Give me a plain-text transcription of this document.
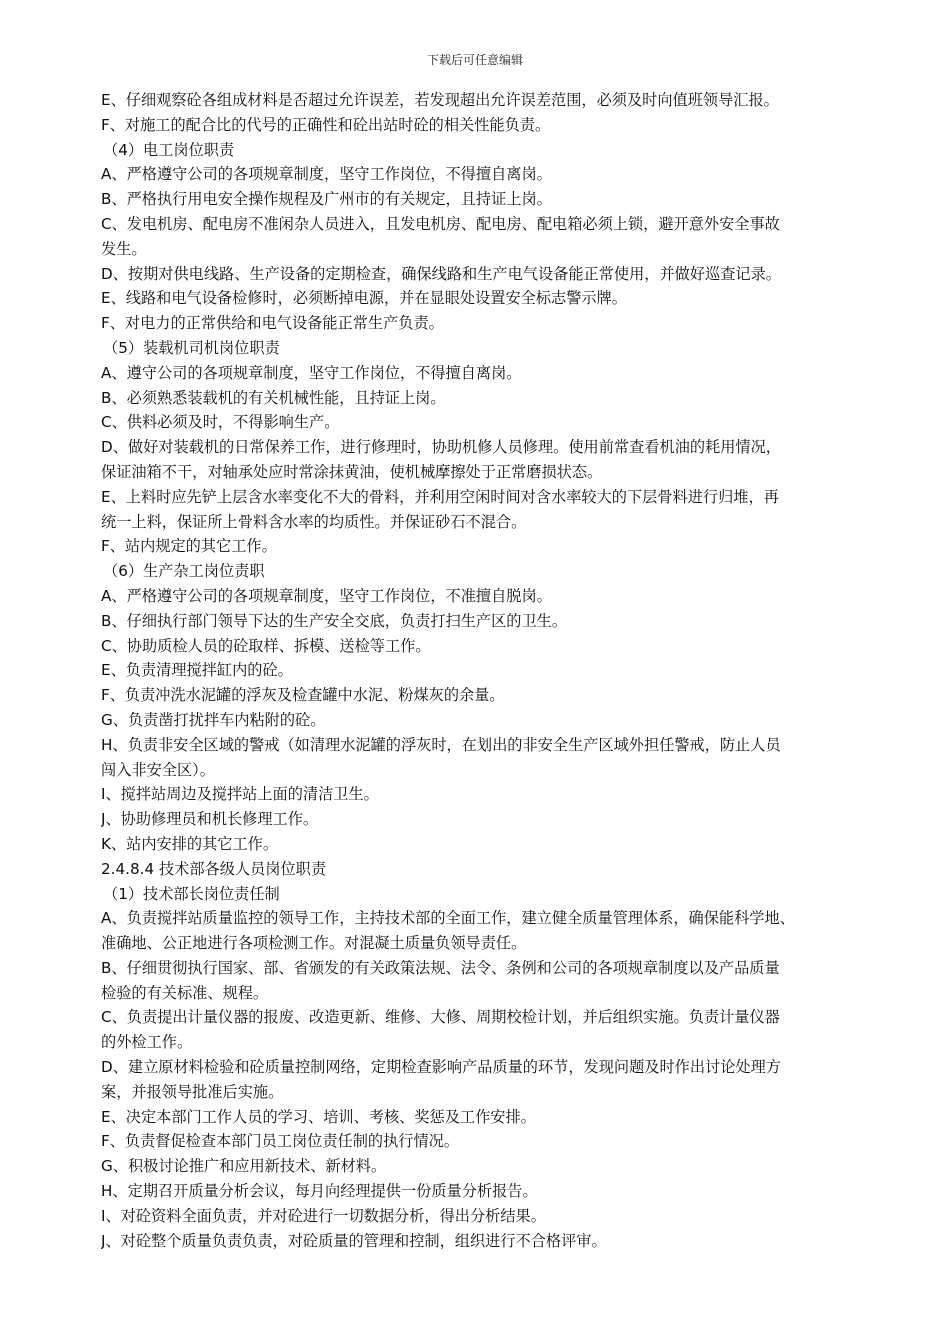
下载后可任意编辑
E、仔细观察砼各组成材料是否超过允许误差，若发现超出允许误差范围，必须及时向值班领导汇报。
F、对施工的配合比的代号的正确性和砼出站时砼的相关性能负责。
（4）电工岗位职责
A、严格遵守公司的各项规章制度，坚守工作岗位，不得擅自离岗。
B、严格执行用电安全操作规程及广州市的有关规定，且持证上岗。
C、发电机房、配电房不准闲杂人员进入，且发电机房、配电房、配电箱必须上锁，避开意外安全事故
发生。
D、按期对供电线路、生产设备的定期检查，确保线路和生产电气设备能正常使用，并做好巡查记录。
E、线路和电气设备检修时，必须断掉电源，并在显眼处设置安全标志警示牌。
F、对电力的正常供给和电气设备能正常生产负责。
（5）装载机司机岗位职责
A、遵守公司的各项规章制度，坚守工作岗位，不得擅自离岗。
B、必须熟悉装载机的有关机械性能，且持证上岗。
C、供料必须及时，不得影响生产。
D、做好对装载机的日常保养工作，进行修理时，协助机修人员修理。使用前常查看机油的耗用情况，
保证油箱不干，对轴承处应时常涂抹黄油，使机械摩擦处于正常磨损状态。
E、上料时应先铲上层含水率变化不大的骨料，并利用空闲时间对含水率较大的下层骨料进行归堆，再
统一上料，保证所上骨料含水率的均质性。并保证砂石不混合。
F、站内规定的其它工作。
（6）生产杂工岗位责职
A、严格遵守公司的各项规章制度，坚守工作岗位，不准擅自脱岗。
B、仔细执行部门领导下达的生产安全交底，负责打扫生产区的卫生。
C、协助质检人员的砼取样、拆模、送检等工作。
E、负责清理搅拌缸内的砼。
F、负责冲洗水泥罐的浮灰及检查罐中水泥、粉煤灰的余量。
G、负责凿打扰拌车内粘附的砼。
H、负责非安全区域的警戒（如清理水泥罐的浮灰时，在划出的非安全生产区域外担任警戒，防止人员
闯入非安全区）。
I、搅拌站周边及搅拌站上面的清洁卫生。
J、协助修理员和机长修理工作。
K、站内安排的其它工作。
2.4.8.4 技术部各级人员岗位职责
（1）技术部长岗位责任制
A、负责搅拌站质量监控的领导工作，主持技术部的全面工作，建立健全质量管理体系，确保能科学地、
准确地、公正地进行各项检测工作。对混凝土质量负领导责任。
B、仔细贯彻执行国家、部、省颁发的有关政策法规、法令、条例和公司的各项规章制度以及产品质量
检验的有关标准、规程。
C、负责提出计量仪器的报废、改造更新、维修、大修、周期校检计划，并后组织实施。负责计量仪器
的外检工作。
D、建立原材料检验和砼质量控制网络，定期检查影响产品质量的环节，发现问题及时作出讨论处理方
案，并报领导批准后实施。
E、决定本部门工作人员的学习、培训、考核、奖惩及工作安排。
F、负责督促检查本部门员工岗位责任制的执行情况。
G、积极讨论推广和应用新技术、新材料。
H、定期召开质量分析会议，每月向经理提供一份质量分析报告。
I、对砼资料全面负责，并对砼进行一切数据分析，得出分析结果。
J、对砼整个质量负责负责，对砼质量的管理和控制，组织进行不合格评审。
